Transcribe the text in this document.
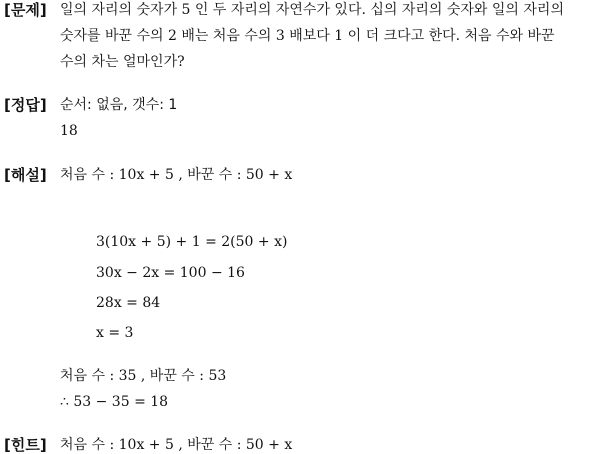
[문제] 일의 자리의 숫자가 5 인 두 자리의 자연수가 있다. 십의 자리의 숫자와 일의 자리의
숫자를 바꾼 수의 2 배는 처음 수의 3 배보다 1 이 더 크다고 한다. 처음 수와 바꾼
수의 차는 얼마인가?
[정답] 순서: 없음, 갯수: 1
18
[해설] 처음 수 : 10x + 5 , 바꾼 수 : 50 + x
3(10x + 5) + 1 = 2(50 + x)
30x − 2x = 100 − 16
28x = 84
x = 3
처음 수 : 35 , 바꾼 수 : 53
∴ 53 − 35 = 18
[힌트] 처음 수 : 10x + 5 , 바꾼 수 : 50 + x
